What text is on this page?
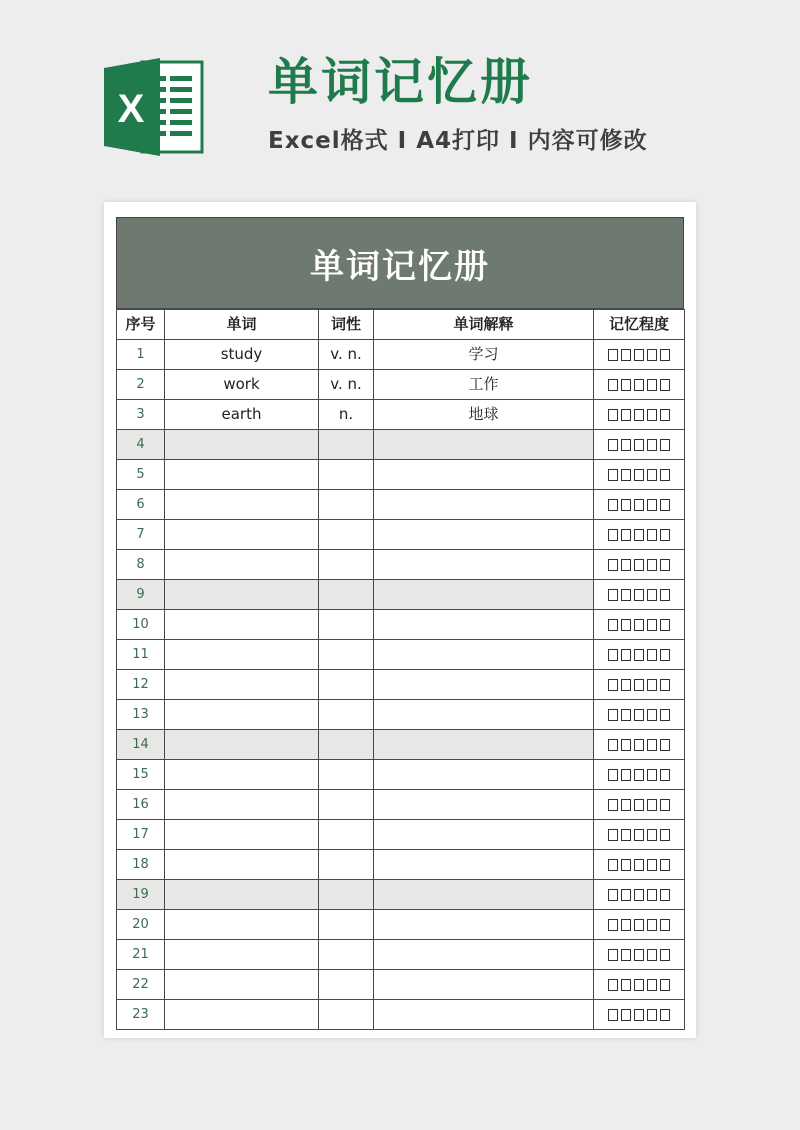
X 单词记忆册

Excel格式 I A4打印 I 内容可修改

单词记忆册
序号	单词	词性	单词解释	记忆程度
1	study	v. n.	学习	

2	work	v. n.	工作	

3	earth	n.	地球	

4				

5				

6				

7				

8				

9				

10				

11				

12				

13				

14				

15				

16				

17				

18				

19				

20				

21				

22				

23				
